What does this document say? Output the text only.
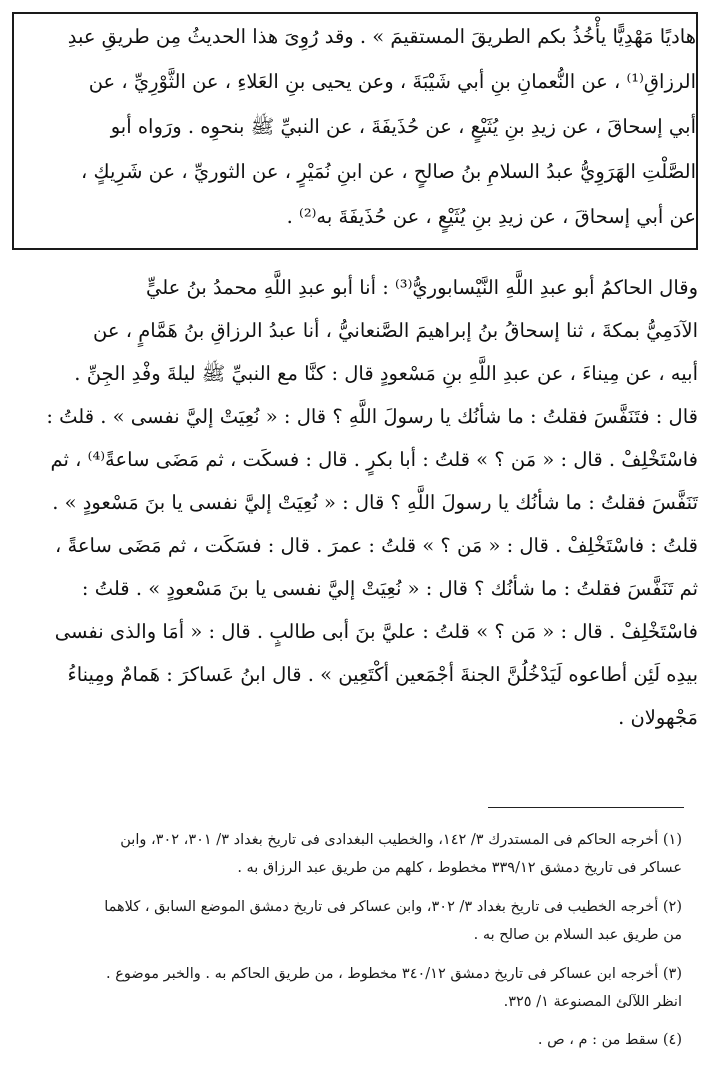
هاديًا مَهْدِيًّا يأْخُذُ بكم الطريقَ المستقيمَ » . وقد رُوِىَ هذا الحديثُ مِن طريقِ عبدِ
الرزاقِ⁽¹⁾ ، عن النُّعمانِ بنِ أبي شَيْبَةَ ، وعن يحيى بنِ العَلاءِ ، عن الثَّوْرِيِّ ، عن
أبي إسحاقَ ، عن زيدِ بنِ يُثَيْعٍ ، عن حُذَيفَةَ ، عن النبيِّ ﷺ بنحوِه . ورَواه أبو
الصَّلْتِ الهَرَوِيُّ عبدُ السلامِ بنُ صالحٍ ، عن ابنِ نُمَيْرٍ ، عن الثوريِّ ، عن شَرِيكٍ ،
عن أبي إسحاقَ ، عن زيدِ بنِ يُثَيْعٍ ، عن حُذَيفَةَ به⁽²⁾ .
وقال الحاكمُ أبو عبدِ اللَّهِ النَّيْسابوريُّ⁽³⁾ : أنا أبو عبدِ اللَّهِ محمدُ بنُ عليٍّ
الآدَمِيُّ بمكةَ ، ثنا إسحاقُ بنُ إبراهيمَ الصَّنعانيُّ ، أنا عبدُ الرزاقِ بنُ هَمَّامٍ ، عن
أبيه ، عن مِيناءَ ، عن عبدِ اللَّهِ بنِ مَسْعودٍ قال : كنَّا مع النبيِّ ﷺ ليلةَ وفْدِ الجِنِّ .
قال : فتَنَفَّسَ فقلتُ : ما شأنُك يا رسولَ اللَّهِ ؟ قال : « نُعِيَتْ إليَّ نفسى » . قلتُ :
فاسْتَخْلِفْ . قال : « مَن ؟ » قلتُ : أبا بكرٍ . قال : فسكَت ، ثم مَضَى ساعةً⁽⁴⁾ ، ثم
تَنَفَّسَ فقلتُ : ما شأنُك يا رسولَ اللَّهِ ؟ قال : « نُعِيَتْ إليَّ نفسى يا بنَ مَسْعودٍ » .
قلتُ : فاسْتَخْلِفْ . قال : « مَن ؟ » قلتُ : عمرَ . قال : فسَكَت ، ثم مَضَى ساعةً ،
ثم تَنَفَّسَ فقلتُ : ما شأنُك ؟ قال : « نُعِيَتْ إليَّ نفسى يا بنَ مَسْعودٍ » . قلتُ :
فاسْتَخْلِفْ . قال : « مَن ؟ » قلتُ : عليَّ بنَ أبى طالبٍ . قال : « أمَا والذى نفسى
بيدِه لَئِن أطاعوه لَيَدْخُلُنَّ الجنةَ أجْمَعين أكْتَعِين » . قال ابنُ عَساكرَ : هَمامٌ ومِيناءُ
مَجْهولان .
(١) أخرجه الحاكم فى المستدرك ٣/ ١٤٢، والخطيب البغدادى فى تاريخ بغداد ٣/ ٣٠١، ٣٠٢، وابن
عساكر فى تاريخ دمشق ٣٣٩/١٢ مخطوط ، كلهم من طريق عبد الرزاق به .
(٢) أخرجه الخطيب فى تاريخ بغداد ٣/ ٣٠٢، وابن عساكر فى تاريخ دمشق الموضع السابق ، كلاهما
من طريق عبد السلام بن صالح به .
(٣) أخرجه ابن عساكر فى تاريخ دمشق ٣٤٠/١٢ مخطوط ، من طريق الحاكم به . والخبر موضوع .
انظر اللآلئ المصنوعة ١/ ٣٢٥.
(٤) سقط من : م ، ص .
